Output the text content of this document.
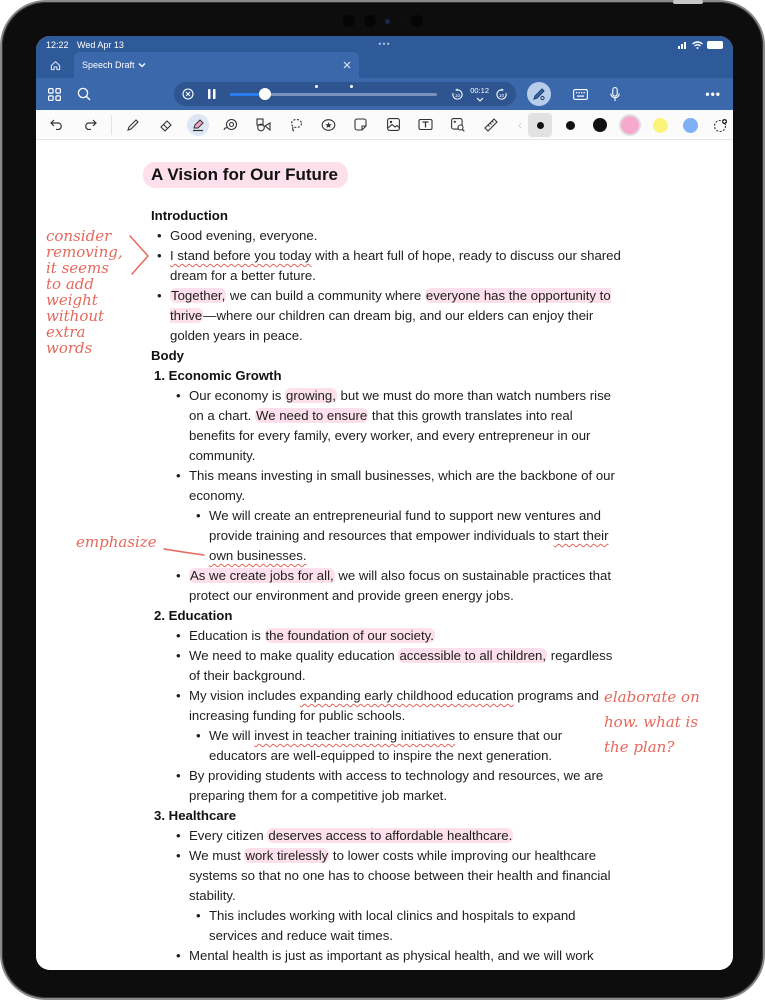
12:22 Wed Apr 13	•••
Speech Draft
10
00:12
10	•••
‹
A Vision for Our Future
Introduction
• Good evening, everyone.
• I stand before you today with a heart full of hope, ready to discuss our shared dream for a better future.
• Together, we can build a community where everyone has the opportunity to thrive—where our children can dream big, and our elders can enjoy their golden years in peace.
Body
1. Economic Growth
• Our economy is growing, but we must do more than watch numbers rise on a chart. We need to ensure that this growth translates into real benefits for every family, every worker, and every entrepreneur in our community.
• This means investing in small businesses, which are the backbone of our economy.
• We will create an entrepreneurial fund to support new ventures and provide training and resources that empower individuals to start their own businesses.
• As we create jobs for all, we will also focus on sustainable practices that protect our environment and provide green energy jobs.
2. Education
• Education is the foundation of our society.
• We need to make quality education accessible to all children, regardless of their background.
• My vision includes expanding early childhood education programs and increasing funding for public schools.
• We will invest in teacher training initiatives to ensure that our educators are well-equipped to inspire the next generation.
• By providing students with access to technology and resources, we are preparing them for a competitive job market.
3. Healthcare
• Every citizen deserves access to affordable healthcare.
• We must work tirelessly to lower costs while improving our healthcare systems so that no one has to choose between their health and financial stability.
• This includes working with local clinics and hospitals to expand services and reduce wait times.
• Mental health is just as important as physical health, and we will work
consider
removing,
it seems
to add
weight
without
extra
words
emphasize
elaborate on
how. what is
the plan?
